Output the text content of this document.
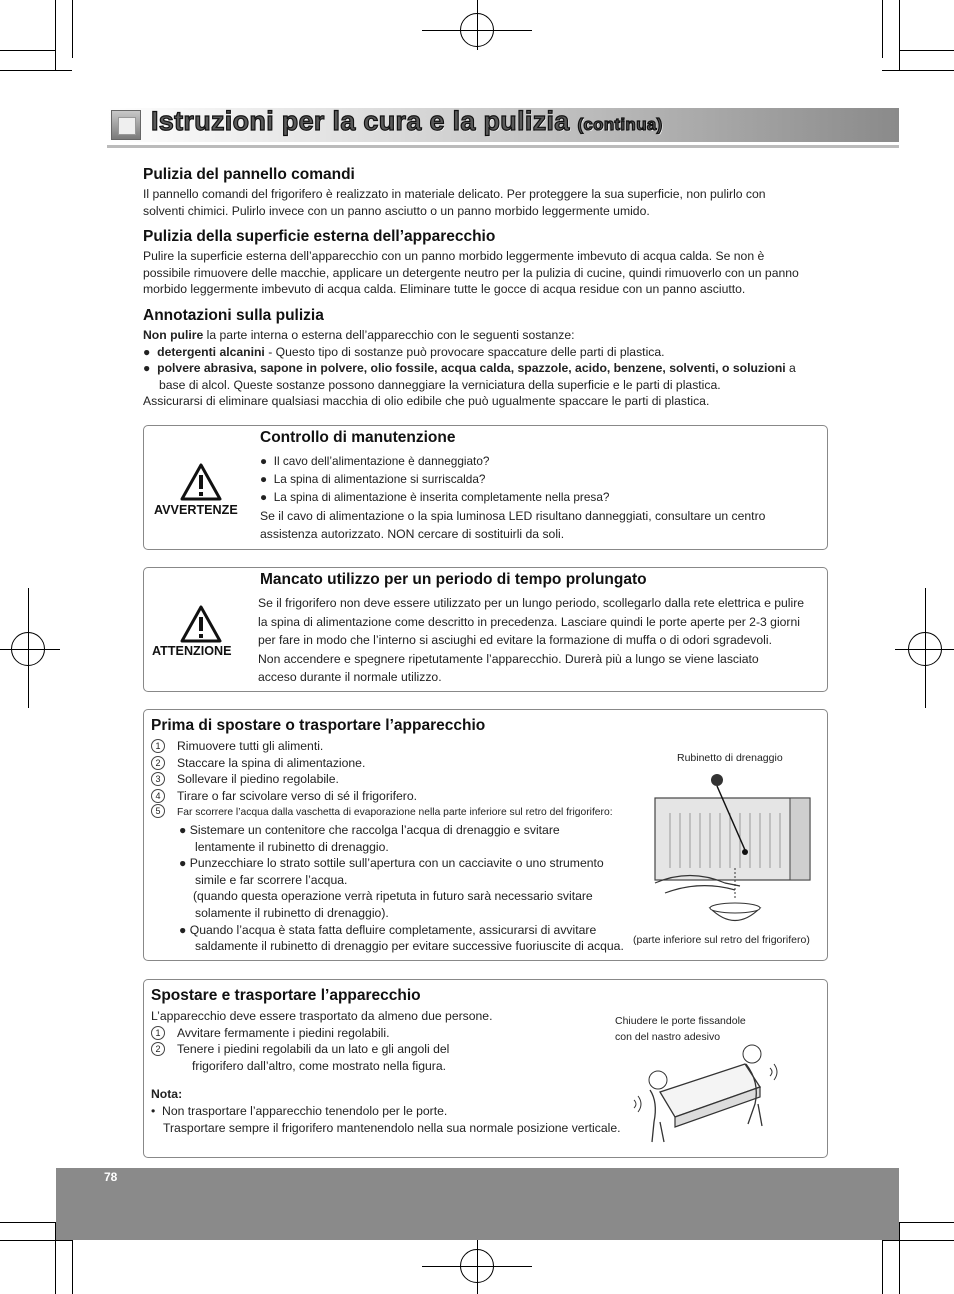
Istruzioni per la cura e la pulizia (continua)
Pulizia del pannello comandi
Il pannello comandi del frigorifero è realizzato in materiale delicato. Per proteggere la sua superficie, non pulirlo con
solventi chimici. Pulirlo invece con un panno asciutto o un panno morbido leggermente umido.
Pulizia della superficie esterna dell’apparecchio
Pulire la superficie esterna dell’apparecchio con un panno morbido leggermente imbevuto di acqua calda. Se non è
possibile rimuovere delle macchie, applicare un detergente neutro per la pulizia di cucine, quindi rimuoverlo con un panno
morbido leggermente imbevuto di acqua calda. Eliminare tutte le gocce di acqua residue con un panno asciutto.
Annotazioni sulla pulizia
Non pulire la parte interna o esterna dell’apparecchio con le seguenti sostanze:
●  detergenti alcanini - Questo tipo di sostanze può provocare spaccature delle parti di plastica.
●  polvere abrasiva, sapone in polvere, olio fossile, acqua calda, spazzole, acido, benzene, solventi, o soluzioni a
base di alcol. Queste sostanze possono danneggiare la verniciatura della superficie e le parti di plastica.
Assicurarsi di eliminare qualsiasi macchia di olio edibile che può ugualmente spaccare le parti di plastica.
AVVERTENZE
Controllo di manutenzione
●  Il cavo dell’alimentazione è danneggiato?
●  La spina di alimentazione si surriscalda?
●  La spina di alimentazione è inserita completamente nella presa?
Se il cavo di alimentazione o la spia luminosa LED risultano danneggiati, consultare un centro
assistenza autorizzato. NON cercare di sostituirli da soli.
ATTENZIONE
Mancato utilizzo per un periodo di tempo prolungato
Se il frigorifero non deve essere utilizzato per un lungo periodo, scollegarlo dalla rete elettrica e pulire
la spina di alimentazione come descritto in precedenza. Lasciare quindi le porte aperte per 2-3 giorni
per fare in modo che l’interno si asciughi ed evitare la formazione di muffa o di odori sgradevoli.
Non accendere e spegnere ripetutamente l’apparecchio. Durerà più a lungo se viene lasciato
acceso durante il normale utilizzo.
Prima di spostare o trasportare l’apparecchio
1 Rimuovere tutti gli alimenti.
2 Staccare la spina di alimentazione.
3 Sollevare il piedino regolabile.
4 Tirare o far scivolare verso di sé il frigorifero.
5 Far scorrere l’acqua dalla vaschetta di evaporazione nella parte inferiore sul retro del frigorifero:
● Sistemare un contenitore che raccolga l’acqua di drenaggio e svitare
lentamente il rubinetto di drenaggio.
● Punzecchiare lo strato sottile sull’apertura con un cacciavite o uno strumento
simile e far scorrere l’acqua.
(quando questa operazione verrà ripetuta in futuro sarà necessario svitare
solamente il rubinetto di drenaggio).
● Quando l’acqua è stata fatta defluire completamente, assicurarsi di avvitare
saldamente il rubinetto di drenaggio per evitare successive fuoriuscite di acqua.
Rubinetto di drenaggio
(parte inferiore sul retro del frigorifero)
Spostare e trasportare l’apparecchio
L’apparecchio deve essere trasportato da almeno due persone.
1 Avvitare fermamente i piedini regolabili.
2 Tenere i piedini regolabili da un lato e gli angoli del
frigorifero dall’altro, come mostrato nella figura.
Nota:
•  Non trasportare l’apparecchio tenendolo per le porte.
Trasportare sempre il frigorifero mantenendolo nella sua normale posizione verticale.
Chiudere le porte fissandole
con del nastro adesivo
78
